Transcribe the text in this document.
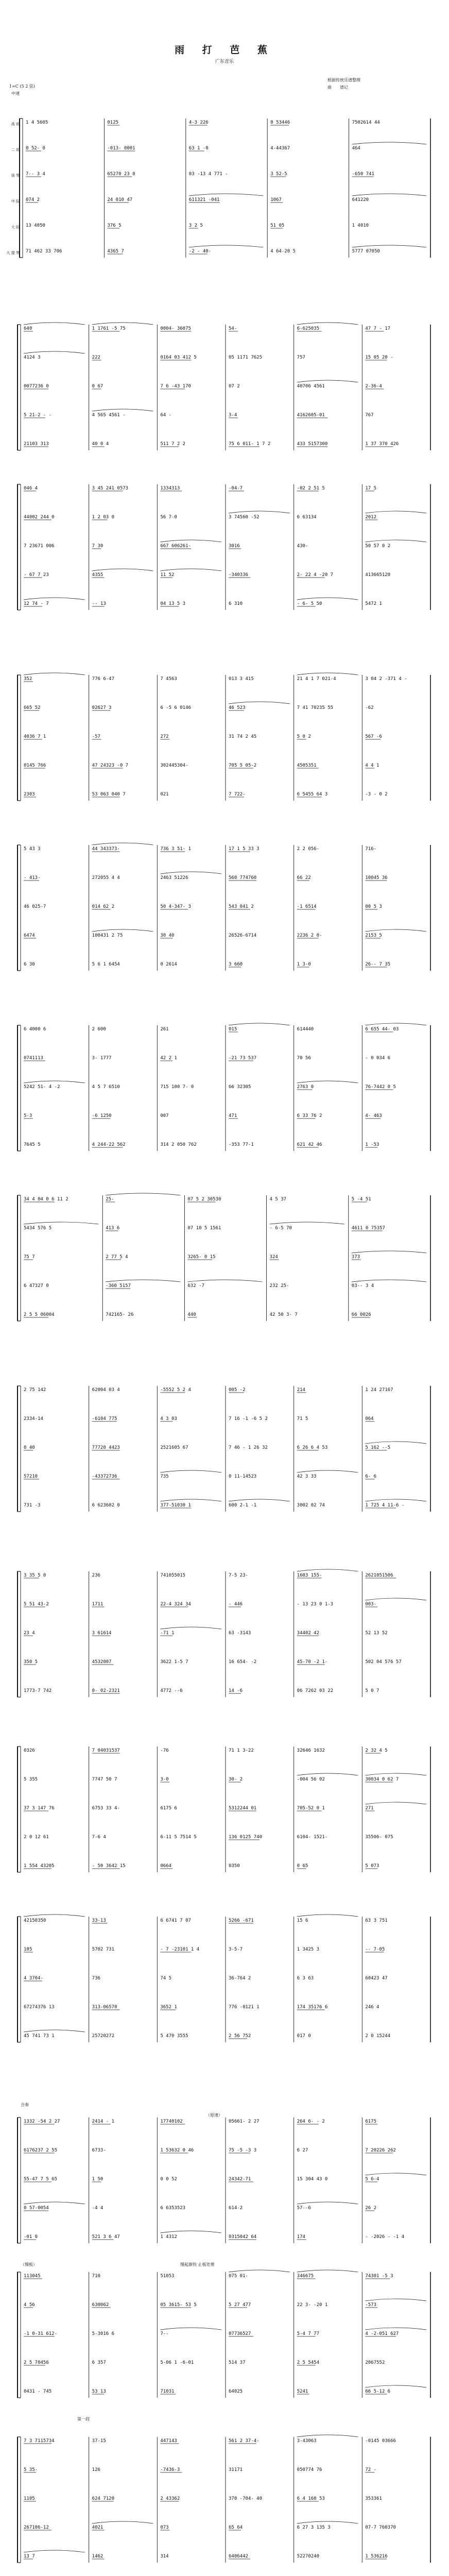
雨 打 芭 蕉
广东音乐
根据传统乐谱整理
曲　　谱记
1=C (5 2 弦)
中速
高 胡
二 胡
扬 琴
中 阮
大 阮
大 提 琴
（慢板）	慢起渐快 止板处理
第一段
（原速）
合奏
1 4 5605	0125	4-3 226	0 53446	7502614 44
0 52- 0	-013- 0001	63 1 -0	4-44367	464
7-- 3 4	65270 23 0	03 -13 4 771 -	3 52-5	-650 741
074 2	24 010 47	611321 -041	1067	641220
13 4050	376 5	3 2 5	51 05	1 4010
71 462 33 706	4365 7	-2 - 40-	4 64-20 5	5777 07050
640	1 1761 -5 75	0004- 36075	54-	6-625035	47 7 - 17
4124 3	222	0164 03 412 5	05 1171 7625	757	15 05 20 -
0077236 0	0 67	7 6 -43 170	07 2	40706 4561	2-36-4
5 21-2 - -	4 565 4561 -	64 -	3-4	4162605-01	767
21103 313	40 0 4	511 7 2 2	75 6 011- 1 7 2	433 5157300	1 37 370 426
046 4	3 45 241 0573	1334313	-04-7	-02 2 51 5	17 5
44002 244 0	1 2 03 0	56 7-0	3 74560 -52	6 63134	2012
7 23671 006	7 30	667 606261-	3016	430-	50 57 0 2
- 67 7 23	4355	11 52	-340336	2- 22 4 -20 7	413665120
12 74 - 7	-- 13	04 13 5 3	6 310	- 6- 5 50	5472 1
352	776 6-47	7 4563	013 3 415	21 4 1 7 021-4	3 04 2 -371 4 -
665 52	02627 3	6 -5 6 0146	46 523	7 41 70235 55	-62
4036 7 1	-57	272	31 74 2 45	5 0 2	567 -6
0145 766	47 24323 -0 7	302445304-	705 5 05-2	4505351	4 4 1
2303	53 063 040 7	021	7 722-	6 5455 64 3	-3 - 0 2
5 43 3	44 343373-	736 3 51- 1	17 1 5 33 3	2 2 056-	716-
- 413-	272055 4 4	2463 51226	560 774760	66 22	10045 36
46 025-7	014 62 2	50 4-347- 3	543 041 2	-1 6514	00 5 3
6474	100431 2 75	30 40	26526-6714	2236 2 0-	2153 5
6 30	5 6 1 6454	0 2614	3 660	1 3-0	26-- 7 35
6 4000 6	2 600	261	015	614440	6 655 44- 03
0741113	3- 1777	42 2 1	-21 73 537	70 56	- 0 034 6
5242 51- 4 -2	4 5 7 6510	715 100 7- 0	66 32305	2763 0	76-7442 0 5
5-3	-6 1250	007	471	6 33 76 2	4- 463
7645 5	4 244-22 562	314 2 050 762	-353 77-1	621 42 46	1 -53
34 4 04 0 6 11 2	25-	07 5 2 30530	4 5 37	5 -4 51
5434 576 5	413 6	07 10 5 1561	- 6-5 70	4611 0 75357
75 7	2 77 5 4	3265- 0 15	324	373
6 47327 0	-360 5157	632 -7	232 25-	03-- 3 4
2 5 5 06004	742165- 26	440	42 50 3- 7	66 0026
2 75 142	62004 03 4	-5552 5 2 4	005 -2	214	1 24 27167
2334-14	-6104 775	4 3 03	7 16 -1 -6 5 2	71 5	064
0 40	77720 4423	2521605 67	7 46 - 1 26 32	6 26 6 4 53	5 162 --5
57210	-43372736	735	0 11-14523	42 3 33	6- 6
731 -3	6 623602 0	377-51030 1	600 2-1 -1	3002 02 74	1 725 4 11-6 -
3 35 5 0	236	741055015	7-5 23-	1603 155-	2621051506
5 51 43-2	1711	22-4 324 34	- 446	- 13 23 0 1-3	003-
23 4	3 61614	-71 1	63 -3143	34402 42	52 13 52
350 5	4532007	3622 1-5 7	16 654- -2	45-70 -2 1-	502 04 576 57
1773-7 742	0- 02-2321	4772 --6	14 -6	06 7262 03 22	5 0 7
0326	7 04031537	-76	71 1 3-22	32646 1632	2 32 4 5
5 355	7747 50 7	3-0	30- 2	-004 56 02	30034 0 62 7
37 3 147 76	6753 33 4-	6175 6	5312244 01	705-52 0 1	271
2 0 12 61	7-6 4	6-11 5 7514 5	136 0125 740	6104- 1521-	35506- 075
1 554 43205	- 50 3642 15	0664	0350	0 65	5 073
42150350	33-13	6 6741 7 07	5266 -671	15 6	63 3 751
105	5702 731	- 7 -23101 1 4	3-5-7	1 3425 3	-- 7-05
4 3704-	736	74 5	36-764 2	6 3 63	60423 47
67274376 13	313-06570	3652 1	776 -0121 1	174 35176 6	246 4
45 741 73 1	25720272	5 470 3555	2 56 752	017 0	2 0 15244
1332 -54 2 27	2414 - 1	17740102	05661- 2 27	264 6- - 2	6175
6176237 2 55	6733-	1 53632 0 46	75 -5 -3 3	6 27	7 20226 262
55-47 7 5 65	1 50	0 0 52	24342-71	15 304 43 0	5 6-4
0 57-0054	-4 4	6 6353523	614-2	57--6	26 2
-01 0	521 3 6 47	1 4312	0315042 64	174	- -2026 - -1 4
113045	710	51053	075 01-	346675	74301 -5 3
4 56	630062	05 3615- 53 5	5 27 477	22 3- -20 1	-573
-1 0-31 612-	5-3016 6	7--	07736527	5-4 7 77	4 -2-051 627
2 5 70456	6 357	5-06 1 -6-01	514 37	2 5 5454	2067552
0431 - 745	53 13	71031	64025	5241	66 5-12 6
7 3 7115734	37-15	447143	561 2 37-4-	3-43063	-0145 03666
5 35-	126	-7436-3	31171	050774 76	72 -
1105	624 7120	2 43362	370 -704- 40	6 4 160 53	353361
267106-12	4021	073	65 64	6 27 3 135 3	07-7 760370
13 7	1462	314	6406442	52270240	1 536216
